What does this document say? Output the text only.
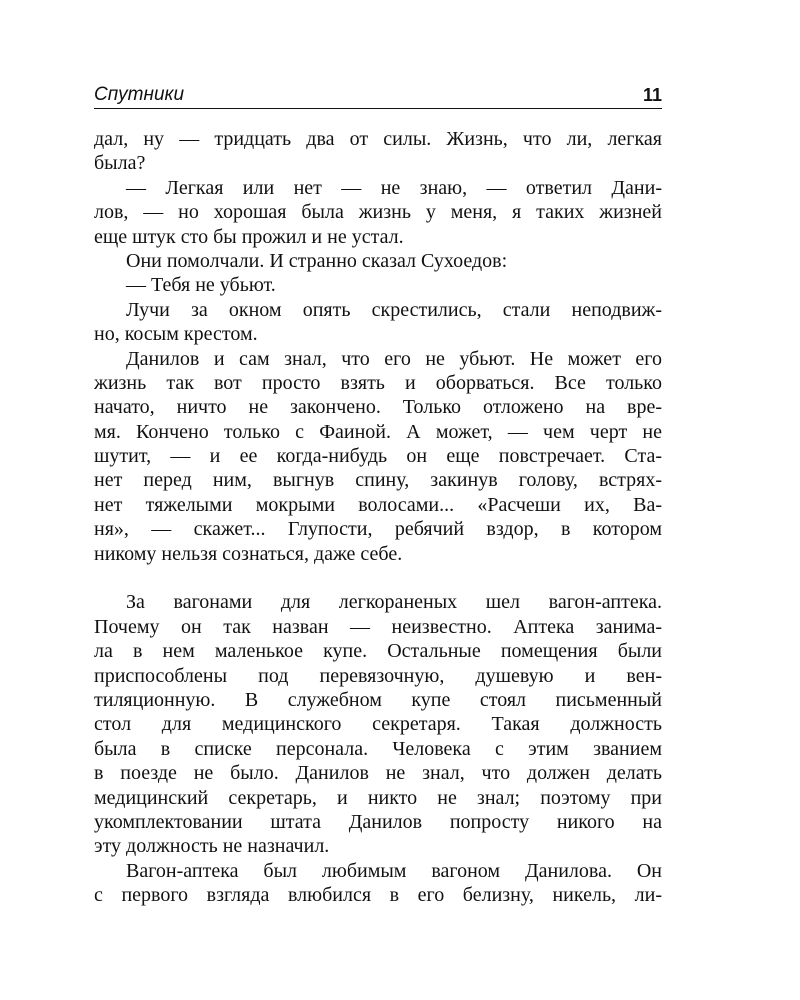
Спутники	11
дал, ну — тридцать два от силы. Жизнь, что ли, легкая
была?
— Легкая или нет — не знаю, — ответил Дани-
лов, — но хорошая была жизнь у меня, я таких жизней
еще штук сто бы прожил и не устал.
Они помолчали. И странно сказал Сухоедов:
— Тебя не убьют.
Лучи за окном опять скрестились, стали неподвиж-
но, косым крестом.
Данилов и сам знал, что его не убьют. Не может его
жизнь так вот просто взять и оборваться. Все только
начато, ничто не закончено. Только отложено на вре-
мя. Кончено только с Фаиной. А может, — чем черт не
шутит, — и ее когда-нибудь он еще повстречает. Ста-
нет перед ним, выгнув спину, закинув голову, встрях-
нет тяжелыми мокрыми волосами... «Расчеши их, Ва-
ня», — скажет... Глупости, ребячий вздор, в котором
никому нельзя сознаться, даже себе.
За вагонами для легкораненых шел вагон-аптека.
Почему он так назван — неизвестно. Аптека занима-
ла в нем маленькое купе. Остальные помещения были
приспособлены под перевязочную, душевую и вен-
тиляционную. В служебном купе стоял письменный
стол для медицинского секретаря. Такая должность
была в списке персонала. Человека с этим званием
в поезде не было. Данилов не знал, что должен делать
медицинский секретарь, и никто не знал; поэтому при
укомплектовании штата Данилов попросту никого на
эту должность не назначил.
Вагон-аптека был любимым вагоном Данилова. Он
с первого взгляда влюбился в его белизну, никель, ли-
